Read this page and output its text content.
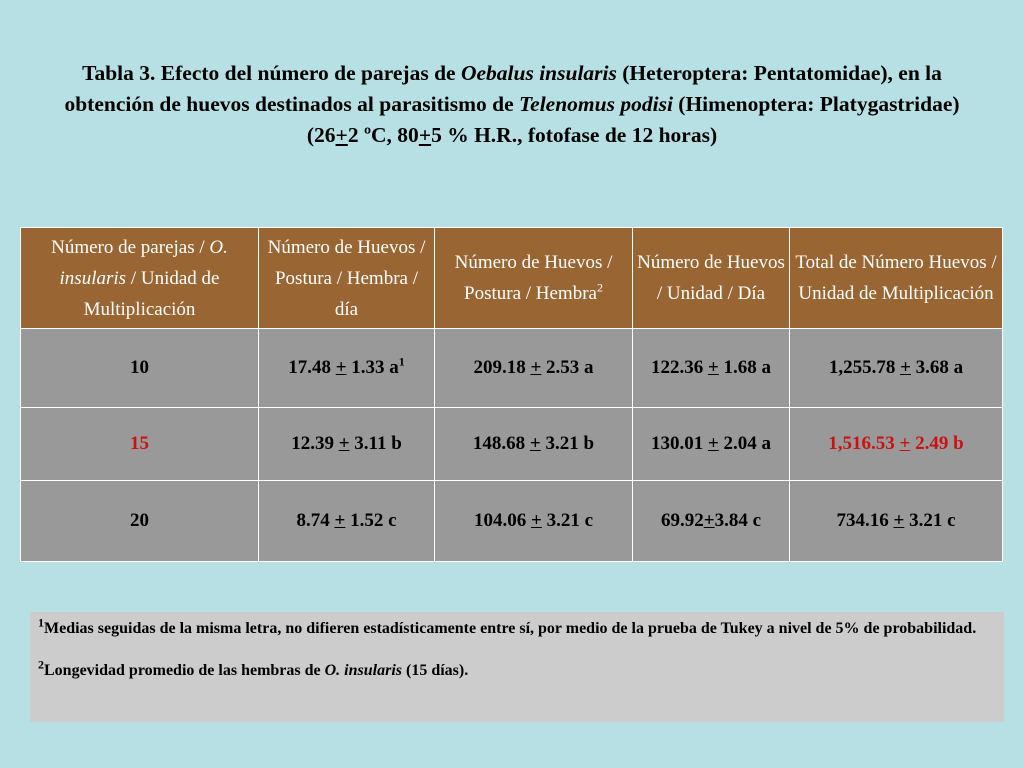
Tabla 3. Efecto del número de parejas de Oebalus insularis (Heteroptera: Pentatomidae), en la obtención de huevos destinados al parasitismo de Telenomus podisi (Himenoptera: Platygastridae) (26+2 ºC, 80+5 % H.R., fotofase de 12 horas)
Número de parejas / O. insularis / Unidad de Multiplicación	Número de Huevos / Postura / Hembra / día	Número de Huevos / Postura / Hembra$^2$	Número de Huevos / Unidad / Día	Total de Número Huevos / Unidad de Multiplicación
10	17.48 + 1.33 $a^1$	209.18 + 2.53 a	122.36 + 1.68 a	1,255.78 + 3.68 a
15	12.39 + 3.11 b	148.68 + 3.21 b	130.01 + 2.04 a	1,516.53 + 2.49 b
20	8.74 + 1.52 c	104.06 + 3.21 c	69.92+3.84 c	734.16 + 3.21 c

$^1$Medias seguidas de la misma letra, no difieren estadísticamente entre sí, por medio de la prueba de Tukey a nivel de 5% de probabilidad.

$^2$Longevidad promedio de las hembras de O. insularis (15 días).
